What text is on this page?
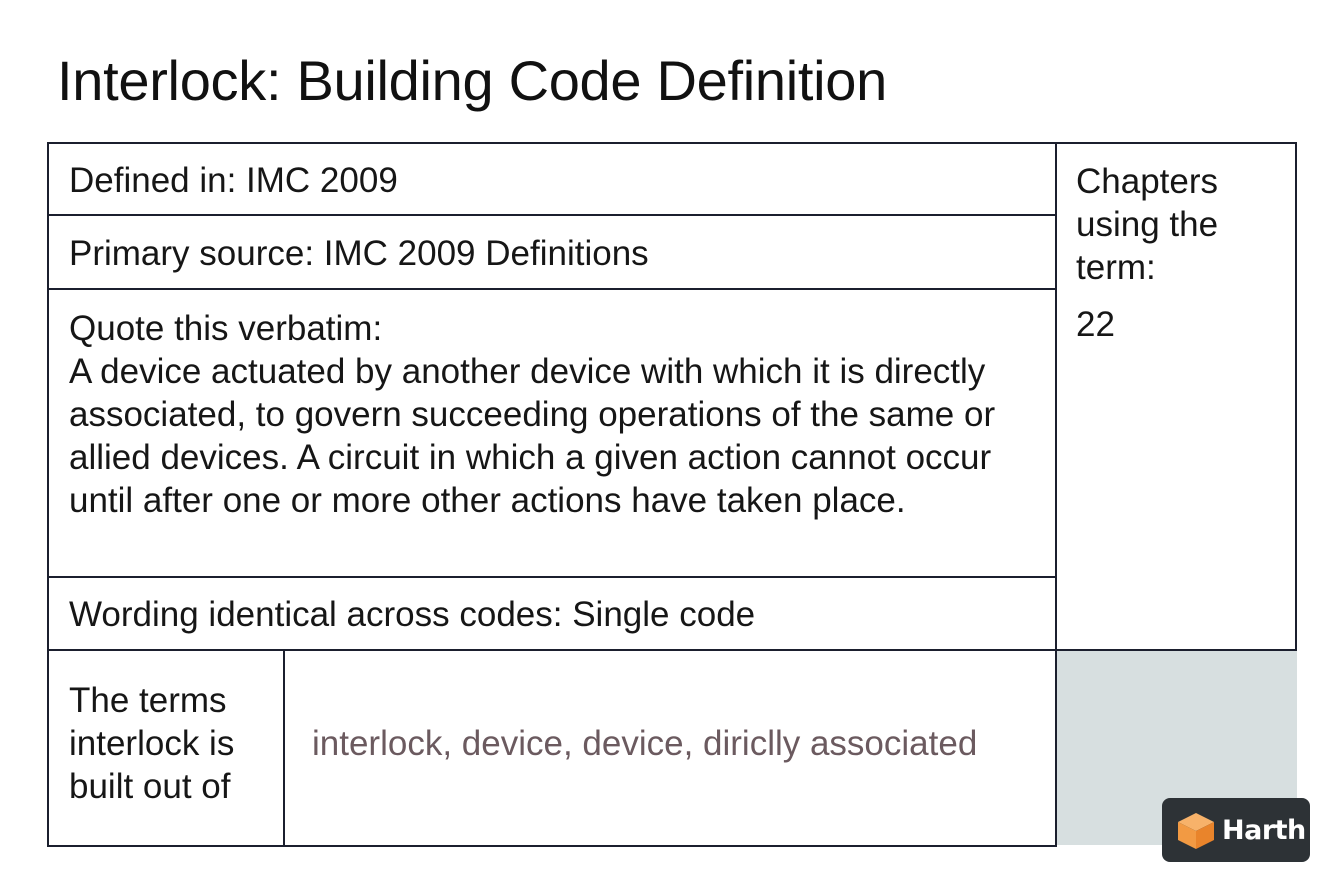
Interlock: Building Code Definition
Defined in: IMC 2009
Primary source: IMC 2009 Definitions
Quote this verbatim:
A device actuated by another device with which it is directly
associated, to govern succeeding operations of the same or
allied devices. A circuit in which a given action cannot occur
until after one or more other actions have taken place.
Wording identical across codes: Single code
Chapters using the term:
22
The terms interlock is built out of
interlock, device, device, diriclly associated
Harth
